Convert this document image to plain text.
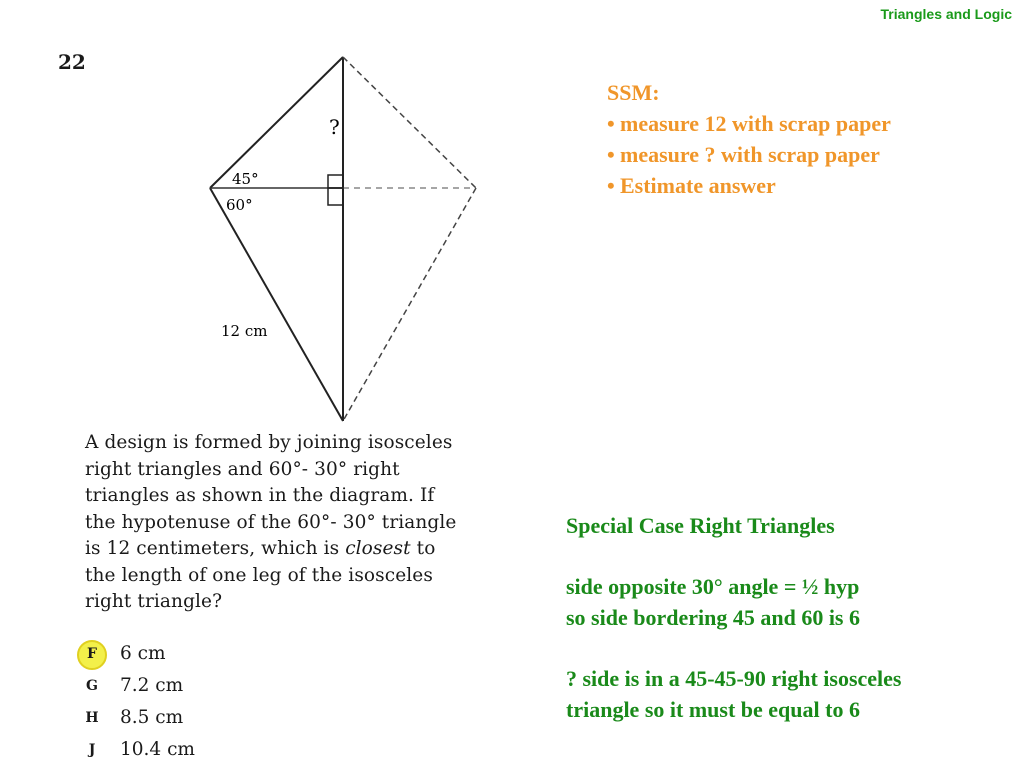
Triangles and Logic
22
?
45°
60°
12 cm
A design is formed by joining isosceles
right triangles and 60°- 30° right
triangles as shown in the diagram. If
the hypotenuse of the 60°- 30° triangle
is 12 centimeters, which is closest to
the length of one leg of the isosceles
right triangle?
F	6 cm
G	7.2 cm
H	8.5 cm
J	10.4 cm
SSM:
• measure 12 with scrap paper
• measure ? with scrap paper
• Estimate answer

Special Case Right Triangles

side opposite 30° angle = ½ hyp

so side bordering 45 and 60 is 6

? side is in a 45-45-90 right isosceles

triangle so it must be equal to 6
